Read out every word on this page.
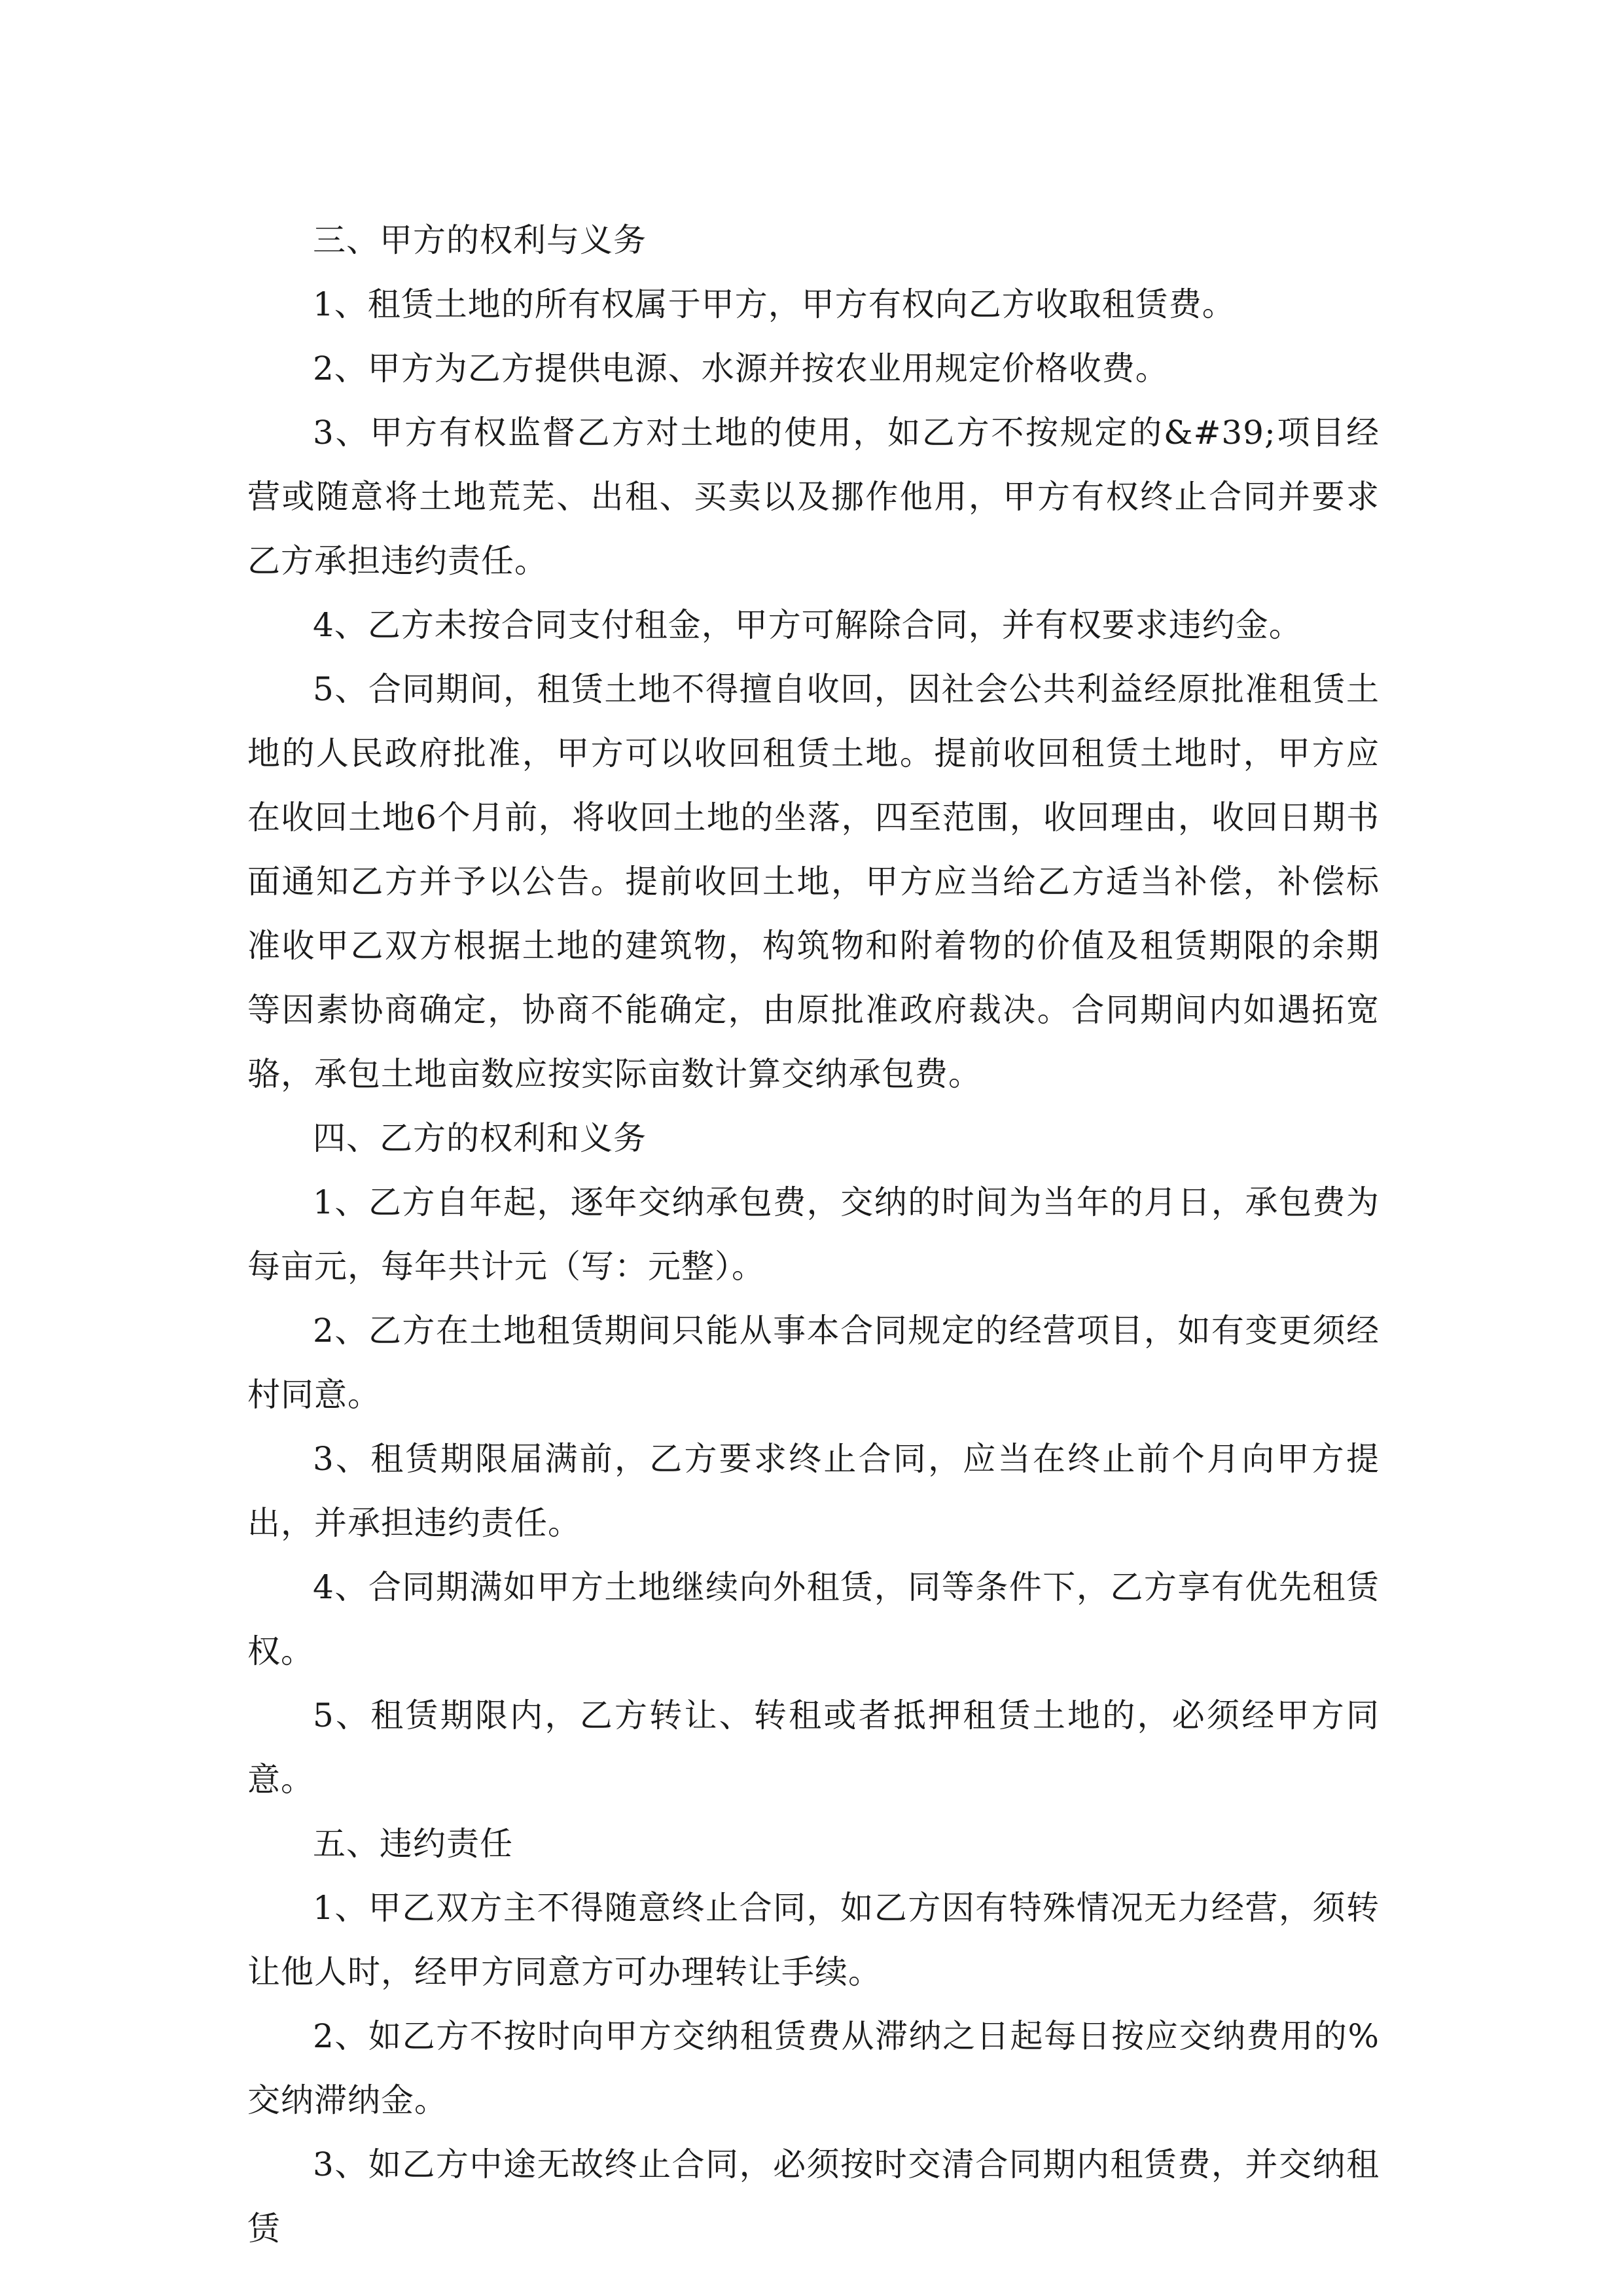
三、甲方的权利与义务

1、租赁土地的所有权属于甲方，甲方有权向乙方收取租赁费。

2、甲方为乙方提供电源、水源并按农业用规定价格收费。

3、甲方有权监督乙方对土地的使用，如乙方不按规定的&#39;项目经营或随意将土地荒芜、出租、买卖以及挪作他用，甲方有权终止合同并要求乙方承担违约责任。

4、乙方未按合同支付租金，甲方可解除合同，并有权要求违约金。

5、合同期间，租赁土地不得擅自收回，因社会公共利益经原批准租赁土地的人民政府批准，甲方可以收回租赁土地。提前收回租赁土地时，甲方应在收回土地6个月前，将收回土地的坐落，四至范围，收回理由，收回日期书面通知乙方并予以公告。提前收回土地，甲方应当给乙方适当补偿，补偿标准收甲乙双方根据土地的建筑物，构筑物和附着物的价值及租赁期限的余期等因素协商确定，协商不能确定，由原批准政府裁决。合同期间内如遇拓宽骆，承包土地亩数应按实际亩数计算交纳承包费。

四、乙方的权利和义务

1、乙方自年起，逐年交纳承包费，交纳的时间为当年的月日，承包费为每亩元，每年共计元（写：元整）。

2、乙方在土地租赁期间只能从事本合同规定的经营项目，如有变更须经村同意。

3、租赁期限届满前，乙方要求终止合同，应当在终止前个月向甲方提出，并承担违约责任。

4、合同期满如甲方土地继续向外租赁，同等条件下，乙方享有优先租赁权。

5、租赁期限内，乙方转让、转租或者抵押租赁土地的，必须经甲方同意。

五、违约责任

1、甲乙双方主不得随意终止合同，如乙方因有特殊情况无力经营，须转让他人时，经甲方同意方可办理转让手续。

2、如乙方不按时向甲方交纳租赁费从滞纳之日起每日按应交纳费用的%交纳滞纳金。

3、如乙方中途无故终止合同，必须按时交清合同期内租赁费，并交纳租赁
